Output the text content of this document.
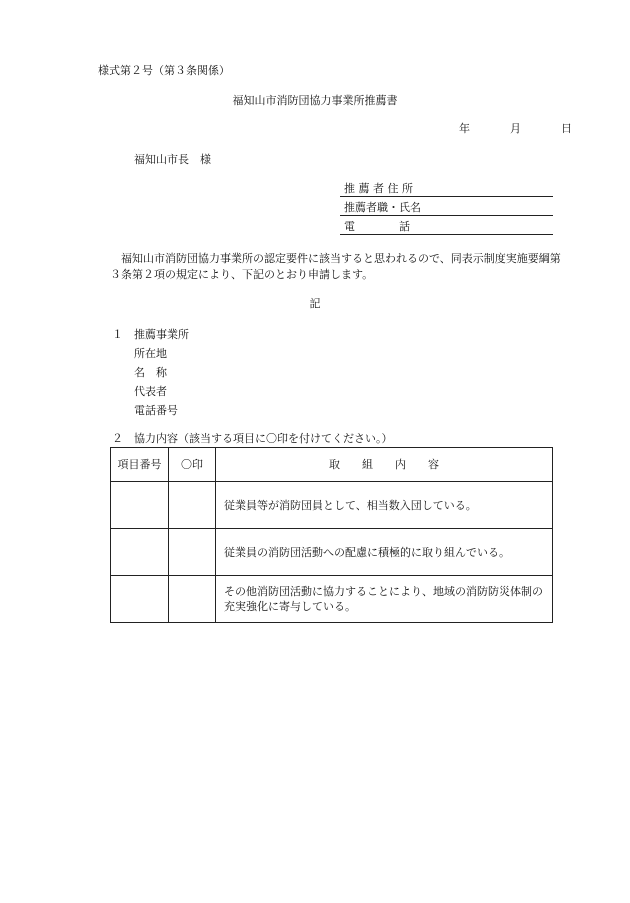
様式第２号（第３条関係）
福知山市消防団協力事業所推薦書
年	月	日
福知山市長　様
推 薦 者 住 所
推薦者職・氏名
電　　　　話
福知山市消防団協力事業所の認定要件に該当すると思われるので、同表示制度実施要綱第３条第２項の規定により、下記のとおり申請します。
記
１　推薦事業所
所在地
名　称
代表者
電話番号
２　協力内容（該当する項目に〇印を付けてください。）
項目番号	〇印	取　　組　　内　　容
		従業員等が消防団員として、相当数入団している。
		従業員の消防団活動への配慮に積極的に取り組んでいる。
		その他消防団活動に協力することにより、地域の消防防災体制の充実強化に寄与している。
